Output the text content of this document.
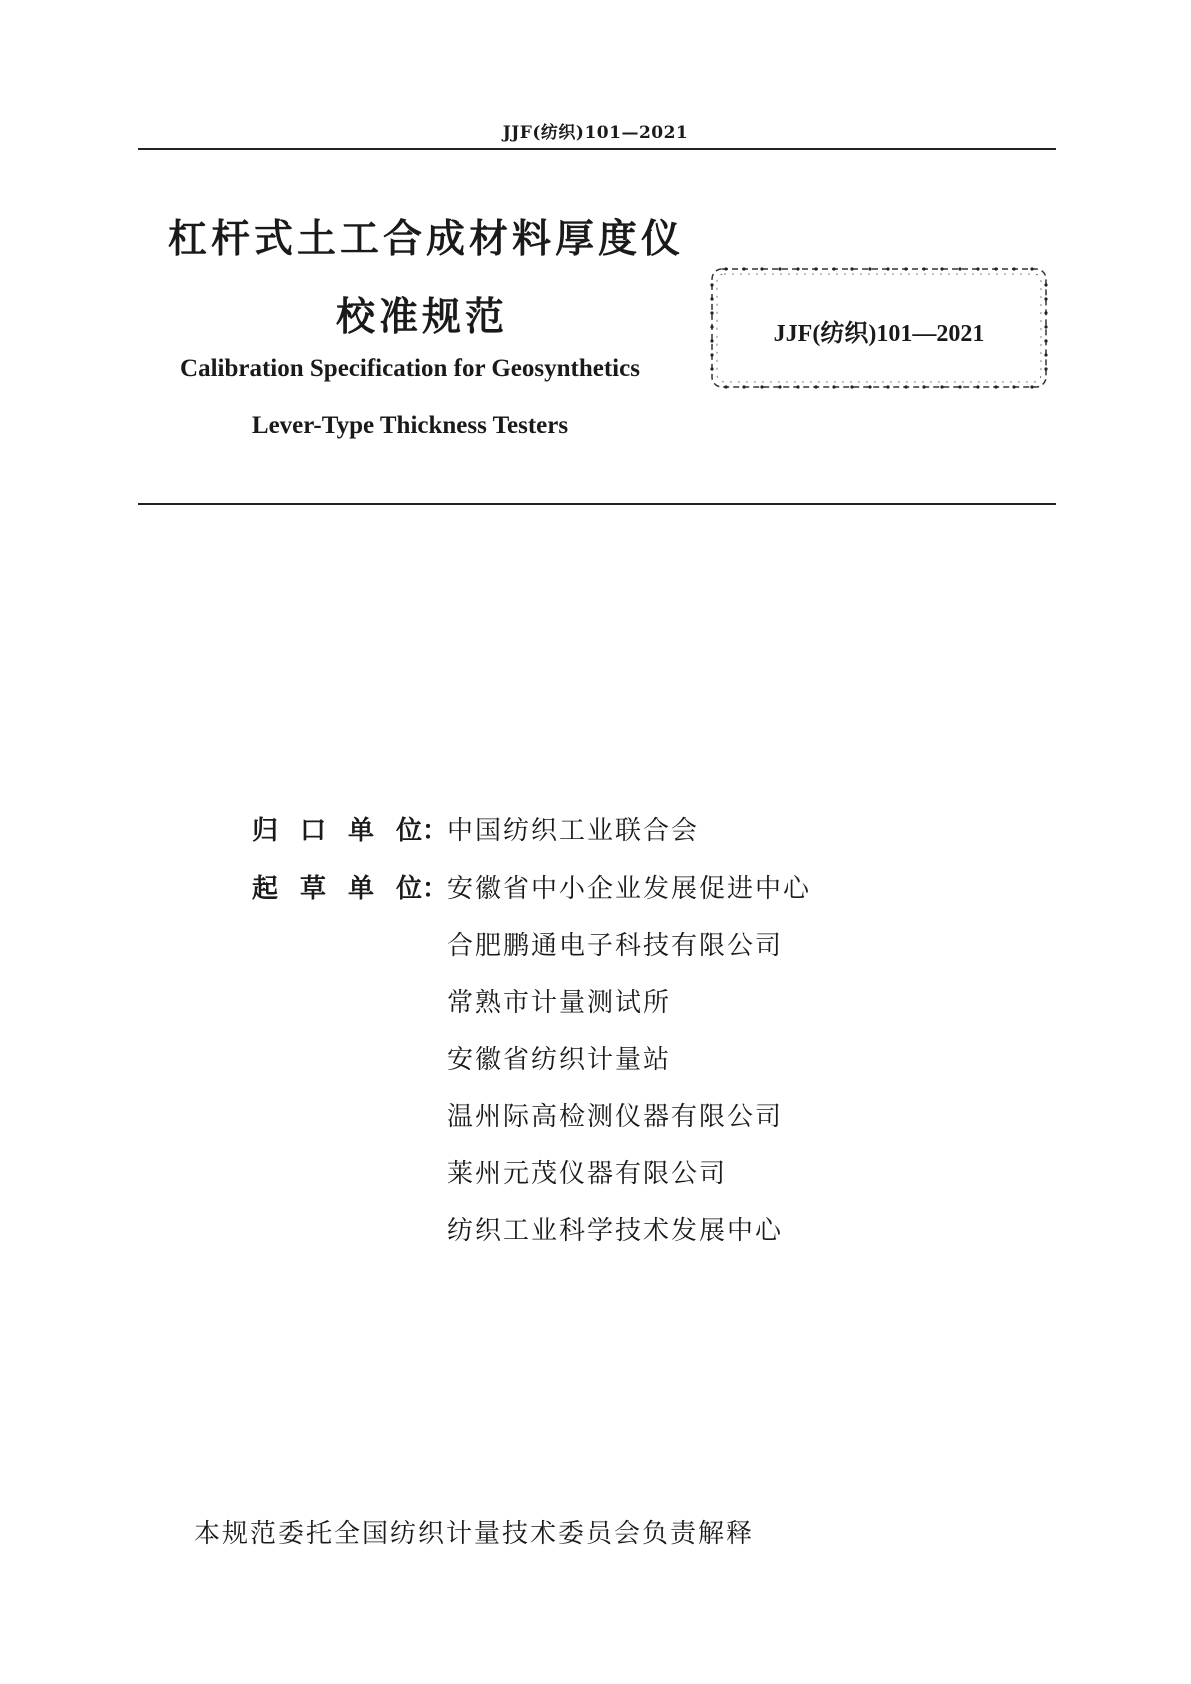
JJF(纺织)101—2021
杠杆式土工合成材料厚度仪
校准规范
Calibration Specification for Geosynthetics
Lever-Type Thickness Testers
JJF(纺织)101—2021
归 口 单 位：中国纺织工业联合会
起 草 单 位：安徽省中小企业发展促进中心
合肥鹏通电子科技有限公司
常熟市计量测试所
安徽省纺织计量站
温州际高检测仪器有限公司
莱州元茂仪器有限公司
纺织工业科学技术发展中心
本规范委托全国纺织计量技术委员会负责解释
